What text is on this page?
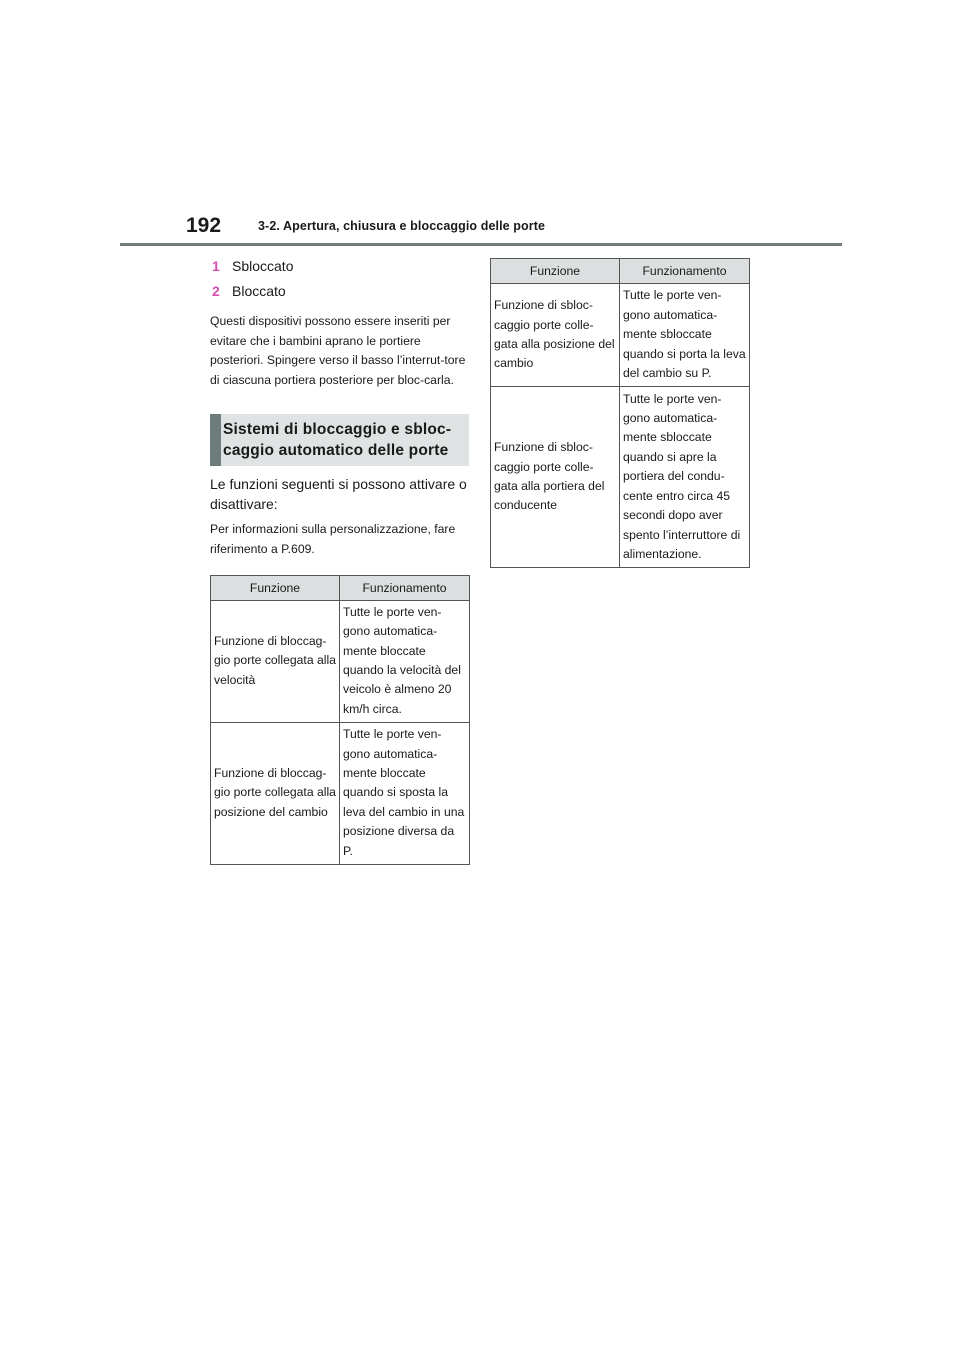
192	3-2. Apertura, chiusura e bloccaggio delle porte
1 Sbloccato
2 Bloccato

Questi dispositivi possono essere inseriti per evitare che i bambini aprano le portiere posteriori. Spingere verso il basso l’interrut-tore di ciascuna portiera posteriore per bloc-carla.

Sistemi di bloccaggio e sbloc-
caggio automatico delle porte

Le funzioni seguenti si possono attivare o disattivare:

Per informazioni sulla personalizzazione, fare riferimento a P.609.

Funzione	Funzionamento
Funzione di bloccag-gio porte collegata alla velocità	Tutte le porte ven-gono automatica-mente bloccate quando la velocità del veicolo è almeno 20 km/h circa.
Funzione di bloccag-gio porte collegata alla posizione del cambio	Tutte le porte ven-gono automatica-mente bloccate quando si sposta la leva del cambio in una posizione diversa da P.
Funzione	Funzionamento
Funzione di sbloc-caggio porte colle-gata alla posizione del cambio	Tutte le porte ven-gono automatica-mente sbloccate quando si porta la leva del cambio su P.
Funzione di sbloc-caggio porte colle-gata alla portiera del conducente	Tutte le porte ven-gono automatica-mente sbloccate quando si apre la portiera del condu-cente entro circa 45 secondi dopo aver spento l’interruttore di alimentazione.
